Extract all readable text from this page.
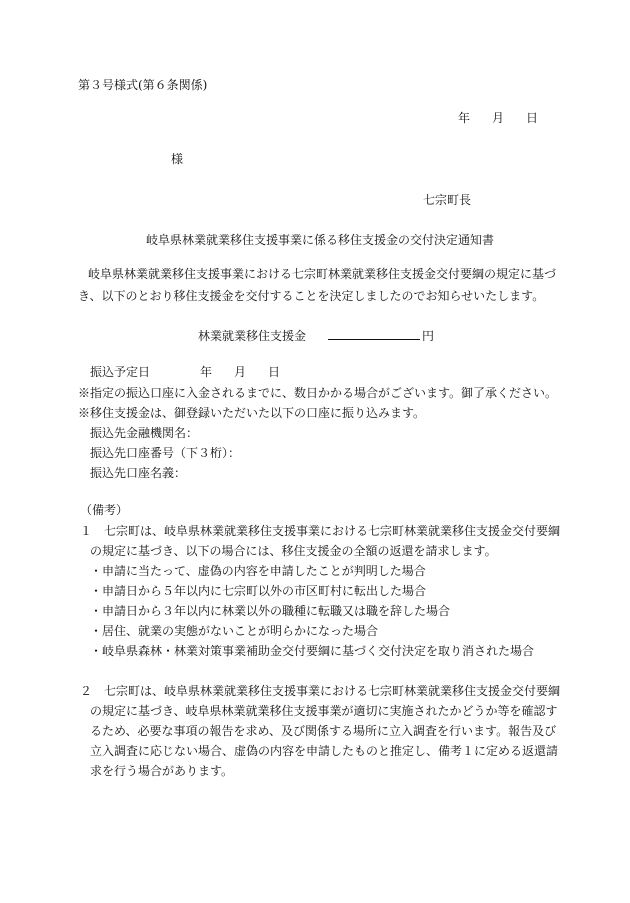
第３号様式(第６条関係)
年 月 日
様
七宗町長
岐阜県林業就業移住支援事業に係る移住支援金の交付決定通知書
岐阜県林業就業移住支援事業における七宗町林業就業移住支援金交付要綱の規定に基づ
き、以下のとおり移住支援金を交付することを決定しましたのでお知らせいたします。
林業就業移住支援金	円
振込予定日	年 月 日
※指定の振込口座に入金されるまでに、数日かかる場合がございます。御了承ください。
※移住支援金は、御登録いただいた以下の口座に振り込みます。
振込先金融機関名：
振込先口座番号（下３桁）：
振込先口座名義：
（備考）
１ 七宗町は、岐阜県林業就業移住支援事業における七宗町林業就業移住支援金交付要綱
の規定に基づき、以下の場合には、移住支援金の全額の返還を請求します。
・申請に当たって、虚偽の内容を申請したことが判明した場合
・申請日から５年以内に七宗町以外の市区町村に転出した場合
・申請日から３年以内に林業以外の職種に転職又は職を辞した場合
・居住、就業の実態がないことが明らかになった場合
・岐阜県森林・林業対策事業補助金交付要綱に基づく交付決定を取り消された場合
２ 七宗町は、岐阜県林業就業移住支援事業における七宗町林業就業移住支援金交付要綱
の規定に基づき、岐阜県林業就業移住支援事業が適切に実施されたかどうか等を確認す
るため、必要な事項の報告を求め、及び関係する場所に立入調査を行います。報告及び
立入調査に応じない場合、虚偽の内容を申請したものと推定し、備考１に定める返還請
求を行う場合があります。
